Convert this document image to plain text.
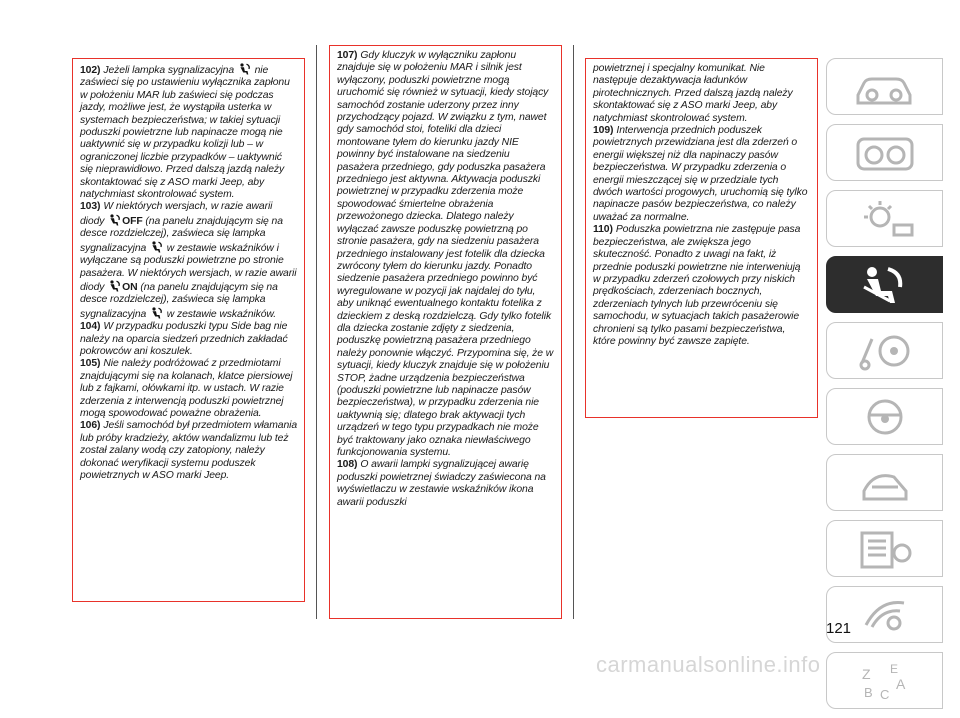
102) Jeżeli lampka sygnalizacyjna nie zaświeci się po ustawieniu wyłącznika zapłonu w położeniu MAR lub zaświeci się podczas jazdy, możliwe jest, że wystąpiła usterka w systemach bezpieczeństwa; w takiej sytuacji poduszki powietrzne lub napinacze mogą nie uaktywnić się w przypadku kolizji lub – w ograniczonej liczbie przypadków – uaktywnić się nieprawidłowo. Przed dalszą jazdą należy skontaktować się z ASO marki Jeep, aby natychmiast skontrolować system.

103) W niektórych wersjach, w razie awarii diody OFF (na panelu znajdującym się na desce rozdzielczej), zaświeca się lampka sygnalizacyjna w zestawie wskaźników i wyłączane są poduszki powietrzne po stronie pasażera. W niektórych wersjach, w razie awarii diody ON (na panelu znajdującym się na desce rozdzielczej), zaświeca się lampka sygnalizacyjna w zestawie wskaźników.

104) W przypadku poduszki typu Side bag nie należy na oparcia siedzeń przednich zakładać pokrowców ani koszulek.

105) Nie należy podróżować z przedmiotami znajdującymi się na kolanach, klatce piersiowej lub z fajkami, ołówkami itp. w ustach. W razie zderzenia z interwencją poduszki powietrznej mogą spowodować poważne obrażenia.

106) Jeśli samochód był przedmiotem włamania lub próby kradzieży, aktów wandalizmu lub też został zalany wodą czy zatopiony, należy dokonać weryfikacji systemu poduszek powietrznych w ASO marki Jeep.

107) Gdy kluczyk w wyłączniku zapłonu znajduje się w położeniu MAR i silnik jest wyłączony, poduszki powietrzne mogą uruchomić się również w sytuacji, kiedy stojący samochód zostanie uderzony przez inny przychodzący pojazd. W związku z tym, nawet gdy samochód stoi, foteliki dla dzieci montowane tyłem do kierunku jazdy NIE powinny być instalowane na siedzeniu pasażera przedniego, gdy poduszka pasażera przedniego jest aktywna. Aktywacja poduszki powietrznej w przypadku zderzenia może spowodować śmiertelne obrażenia przewożonego dziecka. Dlatego należy wyłączać zawsze poduszkę powietrzną po stronie pasażera, gdy na siedzeniu pasażera przedniego instalowany jest fotelik dla dziecka zwrócony tyłem do kierunku jazdy. Ponadto siedzenie pasażera przedniego powinno być wyregulowane w pozycji jak najdalej do tyłu, aby uniknąć ewentualnego kontaktu fotelika z dzieckiem z deską rozdzielczą. Gdy tylko fotelik dla dziecka zostanie zdjęty z siedzenia, poduszkę powietrzną pasażera przedniego należy ponownie włączyć. Przypomina się, że w sytuacji, kiedy kluczyk znajduje się w położeniu STOP, żadne urządzenia bezpieczeństwa (poduszki powietrzne lub napinacze pasów bezpieczeństwa), w przypadku zderzenia nie uaktywnią się; dlatego brak aktywacji tych urządzeń w tego typu przypadkach nie może być traktowany jako oznaka niewłaściwego funkcjonowania systemu.

108) O awarii lampki sygnalizującej awarię poduszki powietrznej świadczy zaświecona na wyświetlaczu w zestawie wskaźników ikona awarii poduszki

powietrznej i specjalny komunikat. Nie następuje dezaktywacja ładunków pirotechnicznych. Przed dalszą jazdą należy skontaktować się z ASO marki Jeep, aby natychmiast skontrolować system.

109) Interwencja przednich poduszek powietrznych przewidziana jest dla zderzeń o energii większej niż dla napinaczy pasów bezpieczeństwa. W przypadku zderzenia o energii mieszczącej się w przedziale tych dwóch wartości progowych, uruchomią się tylko napinacze pasów bezpieczeństwa, co należy uważać za normalne.

110) Poduszka powietrzna nie zastępuje pasa bezpieczeństwa, ale zwiększa jego skuteczność. Ponadto z uwagi na fakt, iż przednie poduszki powietrzne nie interweniują w przypadku zderzeń czołowych przy niskich prędkościach, zderzeniach bocznych, zderzeniach tylnych lub przewróceniu się samochodu, w sytuacjach takich pasażerowie chronieni są tylko pasami bezpieczeństwa, które powinny być zawsze zapięte.

Z E
B
A
C
121
carmanualsonline.info
